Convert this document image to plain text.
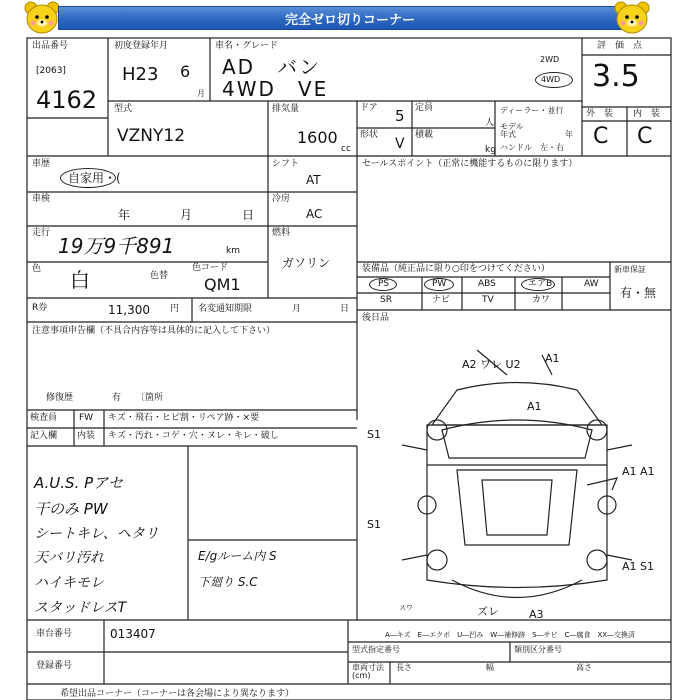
完全ゼロ切りコーナー
出品番号
[2063]
4162
初度登録年月
H23 6
月
車名・グレード
AD　バン
4WD　VE
2WD
4WD
評　価　点
3.5
外　装 内　装
C C
型式
VZNY12
排気量
1600
cc
ドア 5
形状
V
定員
人
積載
kg
ディーラー・並行
モデル年式	年
ハンドル 左・右
車歴
自家用・(
車検
年	月	日
走行
19万9千891	km
色 白	色替
色コード
QM1
R券	11,300 円 名変通知期限	月	日
シフト
AT
冷房
AC
燃料
ガソリン
セールスポイント（正常に機能するものに限ります）
装備品（純正品に限り○印をつけてください）	新車保証
有・無
PS	PW	ABS	エアB	AW
SR	ナビ	TV	カワ
後日品
注意事項申告欄（不具合内容等は具体的に記入して下さい）
修復歴	有 〔箇所
検査員 FW キズ・飛石・ヒビ割・リペア跡・×要
記入欄 内装 キズ・汚れ・コゲ・穴・ヌレ・キレ・破し
A.U.S. Pアセ
干のみ PW
シートキレ、ヘタリ
天バリ汚れ
ハイキモレ
スタッドレスT
E/gルーム内 S
下廻り S.C
A2 ワレ U2 A1
A1
S1
S1
A1 A1
A1 S1
ズレ	A3
スワ
A―キズ　E―エクボ　U―凹み　W―補修跡　S―サビ　C―腐食　XX―交換済
車台番号	013407
登録番号
型式指定番号	類別区分番号
車両寸法(cm)
長さ	幅	高さ
希望出品コーナー（コーナーは各会場により異なります）
